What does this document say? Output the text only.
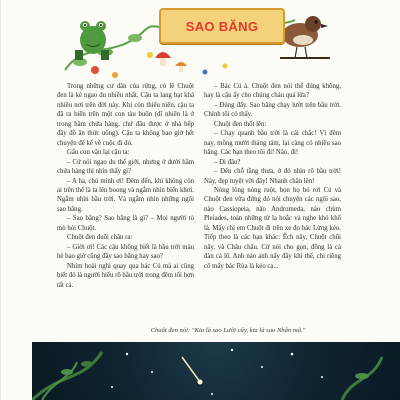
SAO BĂNG

Trong những cư dân của rừng, có lẽ Chuột đen là kẻ ngao du nhiều nhất. Cậu ta lang bạt khá nhiều nơi trên đời này. Khi còn thiếu niên, cậu ta đã ra biển trên một con tàu buôn (dĩ nhiên là ở trong hầm chứa hàng, chứ đâu được ở nhà bếp đầy đồ ăn thức uống). Cậu ta không bao giờ hết chuyện để kể về cuộc đi đó.

Gấu con vặn lại cậu ta:

– Cứ nói ngao du thế giới, nhưng ở dưới hầm chứa hàng thì nhìn thấy gì?

– A ha, chú mình ơi! Đêm đến, khi không còn ai trên thế là ta lên boong và ngắm nhìn biển khơi. Ngắm nhìn bầu trời. Và ngắm nhìn những ngôi sao băng.

– Sao băng? Sao băng là gì? – Mọi người tò mò hỏi Chuột.

Chuột đen duỗi chân ra:

– Giời ơi! Các cậu không biết là bầu trời màu hè bao giờ cũng đầy sao băng hay sao?

Nhím hoài nghi quay qua bác Cú mà ai cũng biết đó là người hiểu rõ bầu trời trong đêm tối hơn tất cả.

– Bác Cú à. Chuột đen nói thế đúng không, hay là cậu ấy cho chúng cháu quá lửa?

– Đúng đấy. Sao băng chạy lướt trên bầu trời. Chính tôi có thấy.

Chuột đen thốt lên:

– Chạy quanh bầu trời là cái chắc! Vì đêm nay, mồng mười tháng tám, lại càng có nhiều sao băng. Các bạn theo tôi đi! Nào, đi!

– Đi đâu?

– Đến chỗ tầng thưa, ở đó nhìn rõ bầu trời! Này, đẹp tuyệt vời đây! Nhanh chân lên!

Nóng lòng nóng ruột, bọn họ bỏ rơi Cú và Chuột đen vừa đứng đó nói chuyện các ngôi sao, nào Cassiopeia, nào Andromeda, nào chùm Pleiades, toàn những từ lạ hoắc và nghe khó khổ là. Mấy chị em Chuột đi trên xe đo bác Lừng kéo. Tiếp theo là các bạn khác: Ếch nây, Chuột chũi nây, và Châu chấu. Cứ nói cho gọn, đông là cả đàn cả lũ. Anh nào anh nấy đầy khí thế, chỉ riêng cô mấy bác Rùa là kéo ca...

Chuột đen nói: "Kia là sao Lười cẩy, kia là sao Nhân mã."
